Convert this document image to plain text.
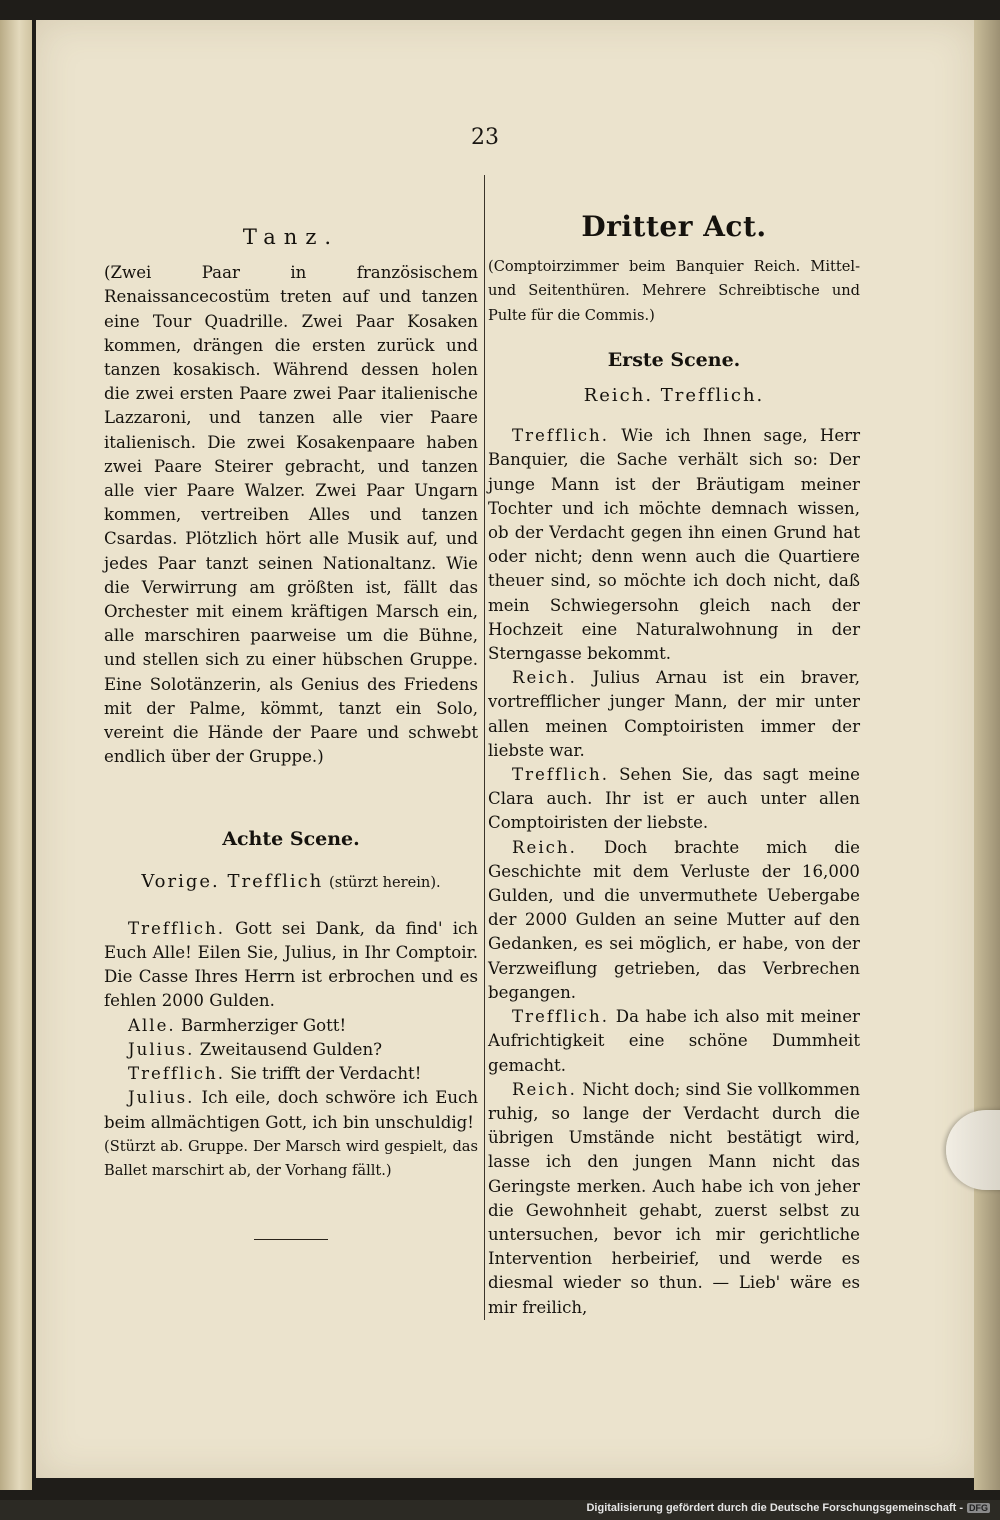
23

Tanz.

(Zwei Paar in französischem Renaissancecostüm treten auf und tanzen eine Tour Quadrille. Zwei Paar Kosaken kommen, drängen die ersten zurück und tanzen kosakisch. Während dessen holen die zwei ersten Paare zwei Paar italienische Lazzaroni, und tanzen alle vier Paare italienisch. Die zwei Kosakenpaare haben zwei Paare Steirer gebracht, und tanzen alle vier Paare Walzer. Zwei Paar Ungarn kommen, vertreiben Alles und tanzen Csardas. Plötzlich hört alle Musik auf, und jedes Paar tanzt seinen Nationaltanz. Wie die Verwirrung am größten ist, fällt das Orchester mit einem kräftigen Marsch ein, alle marschiren paarweise um die Bühne, und stellen sich zu einer hübschen Gruppe. Eine Solotänzerin, als Genius des Friedens mit der Palme, kömmt, tanzt ein Solo, vereint die Hände der Paare und schwebt endlich über der Gruppe.)

Achte Scene.

Vorige. Trefflich (stürzt herein).

Trefflich. Gott sei Dank, da find' ich Euch Alle! Eilen Sie, Julius, in Ihr Comptoir. Die Casse Ihres Herrn ist erbrochen und es fehlen 2000 Gulden.

Alle. Barmherziger Gott!

Julius. Zweitausend Gulden?

Trefflich. Sie trifft der Verdacht!

Julius. Ich eile, doch schwöre ich Euch beim allmächtigen Gott, ich bin unschuldig!

(Stürzt ab. Gruppe. Der Marsch wird gespielt, das Ballet marschirt ab, der Vorhang fällt.)

Dritter Act.

(Comptoirzimmer beim Banquier Reich. Mittel- und Seitenthüren. Mehrere Schreibtische und Pulte für die Commis.)

Erste Scene.

Reich. Trefflich.

Trefflich. Wie ich Ihnen sage, Herr Banquier, die Sache verhält sich so: Der junge Mann ist der Bräutigam meiner Tochter und ich möchte demnach wissen, ob der Verdacht gegen ihn einen Grund hat oder nicht; denn wenn auch die Quartiere theuer sind, so möchte ich doch nicht, daß mein Schwiegersohn gleich nach der Hochzeit eine Naturalwohnung in der Sterngasse bekommt.

Reich. Julius Arnau ist ein braver, vortrefflicher junger Mann, der mir unter allen meinen Comptoiristen immer der liebste war.

Trefflich. Sehen Sie, das sagt meine Clara auch. Ihr ist er auch unter allen Comptoiristen der liebste.

Reich. Doch brachte mich die Geschichte mit dem Verluste der 16,000 Gulden, und die unvermuthete Uebergabe der 2000 Gulden an seine Mutter auf den Gedanken, es sei möglich, er habe, von der Verzweiflung getrieben, das Verbrechen begangen.

Trefflich. Da habe ich also mit meiner Aufrichtigkeit eine schöne Dummheit gemacht.

Reich. Nicht doch; sind Sie vollkommen ruhig, so lange der Verdacht durch die übrigen Umstände nicht bestätigt wird, lasse ich den jungen Mann nicht das Geringste merken. Auch habe ich von jeher die Gewohnheit gehabt, zuerst selbst zu untersuchen, bevor ich mir gerichtliche Intervention herbeirief, und werde es diesmal wieder so thun. — Lieb' wäre es mir freilich,

Digitalisierung gefördert durch die Deutsche Forschungsgemeinschaft - DFG
